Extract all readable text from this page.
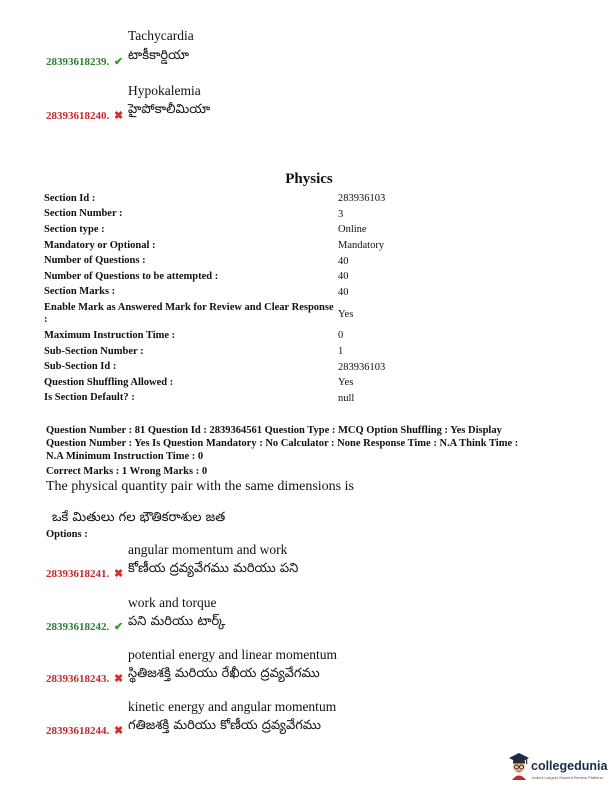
Tachycardia
28393618239. ✔ టాకీకార్డియా
Hypokalemia
28393618240. ✖ హైపోకాలీమియా
Physics
Section Id :	283936103
Section Number :	3
Section type :	Online
Mandatory or Optional :	Mandatory
Number of Questions :	40
Number of Questions to be attempted :	40
Section Marks :	40
Enable Mark as Answered Mark for Review and Clear Response :	Yes
Maximum Instruction Time :	0
Sub-Section Number :	1
Sub-Section Id :	283936103
Question Shuffling Allowed :	Yes
Is Section Default? :	null
Question Number : 81 Question Id : 2839364561 Question Type : MCQ Option Shuffling : Yes Display
Question Number : Yes Is Question Mandatory : No Calculator : None Response Time : N.A Think Time :
N.A Minimum Instruction Time : 0
Correct Marks : 1 Wrong Marks : 0
The physical quantity pair with the same dimensions is
ఒకే మితులు గల భౌతికరాశుల జత
Options :
angular momentum and work
28393618241. ✖ కోణీయ ద్రవ్యవేగము మరియు పని
work and torque
28393618242. ✔ పని మరియు టార్క్
potential energy and linear momentum
28393618243. ✖ స్థితిజశక్తి మరియు రేఖీయ ద్రవ్యవేగము
kinetic energy and angular momentum
28393618244. ✖ గతిజశక్తి మరియు కోణీయ ద్రవ్యవేగము
collegedunia
India's Largest Student Review Platform
